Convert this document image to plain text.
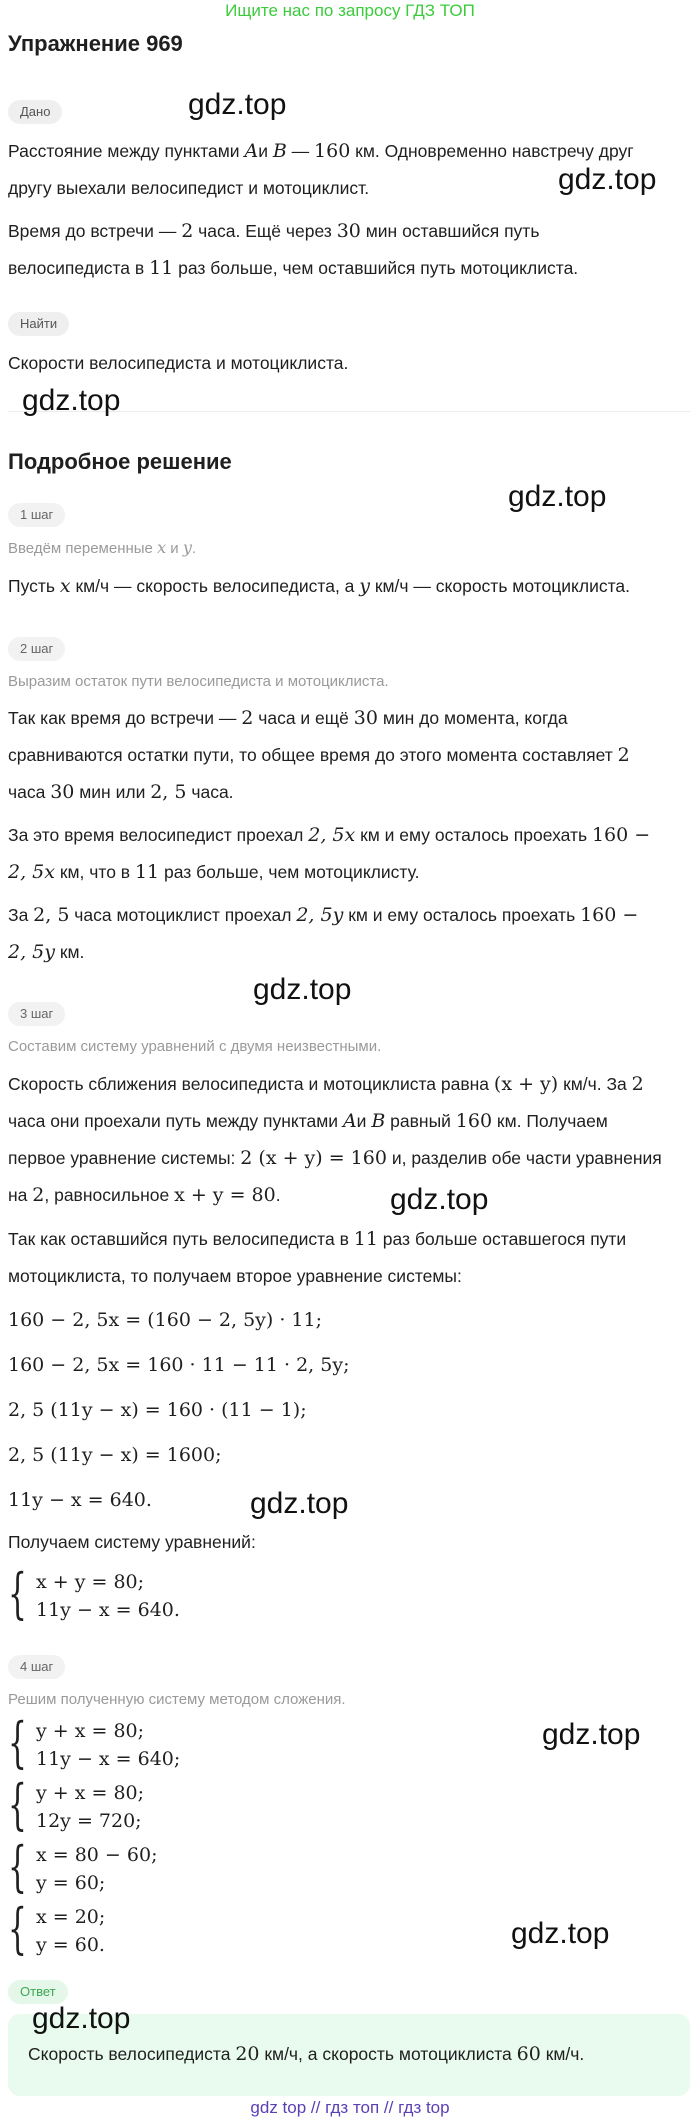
Ищите нас по запросу ГДЗ ТОП
Упражнение 969
Дано
Расстояние между пунктами Aи B — 160 км. Одновременно навстречу друг
другу выехали велосипедист и мотоциклист.
Время до встречи — 2 часа. Ещё через 30 мин оставшийся путь
велосипедиста в 11 раз больше, чем оставшийся путь мотоциклиста.
Найти
Скорости велосипедиста и мотоциклиста.
Подробное решение
1 шаг
Введём переменные x и y.
Пусть x км/ч — скорость велосипедиста, а y км/ч — скорость мотоциклиста.
2 шаг
Выразим остаток пути велосипедиста и мотоциклиста.
Так как время до встречи — 2 часа и ещё 30 мин до момента, когда
сравниваются остатки пути, то общее время до этого момента составляет 2
часа 30 мин или 2, 5 часа.
За это время велосипедист проехал 2, 5x км и ему осталось проехать 160 −
2, 5x км, что в 11 раз больше, чем мотоциклисту.
За 2, 5 часа мотоциклист проехал 2, 5y км и ему осталось проехать 160 −
2, 5y км.
3 шаг
Составим систему уравнений с двумя неизвестными.
Скорость сближения велосипедиста и мотоциклиста равна (x + y) км/ч. За 2
часа они проехали путь между пунктами Aи B равный 160 км. Получаем
первое уравнение системы: 2 (x + y) = 160 и, разделив обе части уравнения
на 2, равносильное x + y = 80.
Так как оставшийся путь велосипедиста в 11 раз больше оставшегося пути
мотоциклиста, то получаем второе уравнение системы:
160 − 2, 5x = (160 − 2, 5y) · 11;
160 − 2, 5x = 160 · 11 − 11 · 2, 5y;
2, 5 (11y − x) = 160 · (11 − 1);
2, 5 (11y − x) = 1600;
11y − x = 640.
Получаем систему уравнений:
{ x + y = 80;
11y − x = 640.
4 шаг
Решим полученную систему методом сложения.
{ y + x = 80;
11y − x = 640;
{ y + x = 80;
12y = 720;
{ x = 80 − 60;
y = 60;
{ x = 20;
y = 60.
Ответ
Скорость велосипедиста 20 км/ч, а скорость мотоциклиста 60 км/ч.
gdz.top
gdz.top
gdz.top
gdz.top
gdz.top
gdz.top
gdz.top
gdz.top
gdz.top
gdz.top
gdz top // гдз топ // гдз top
